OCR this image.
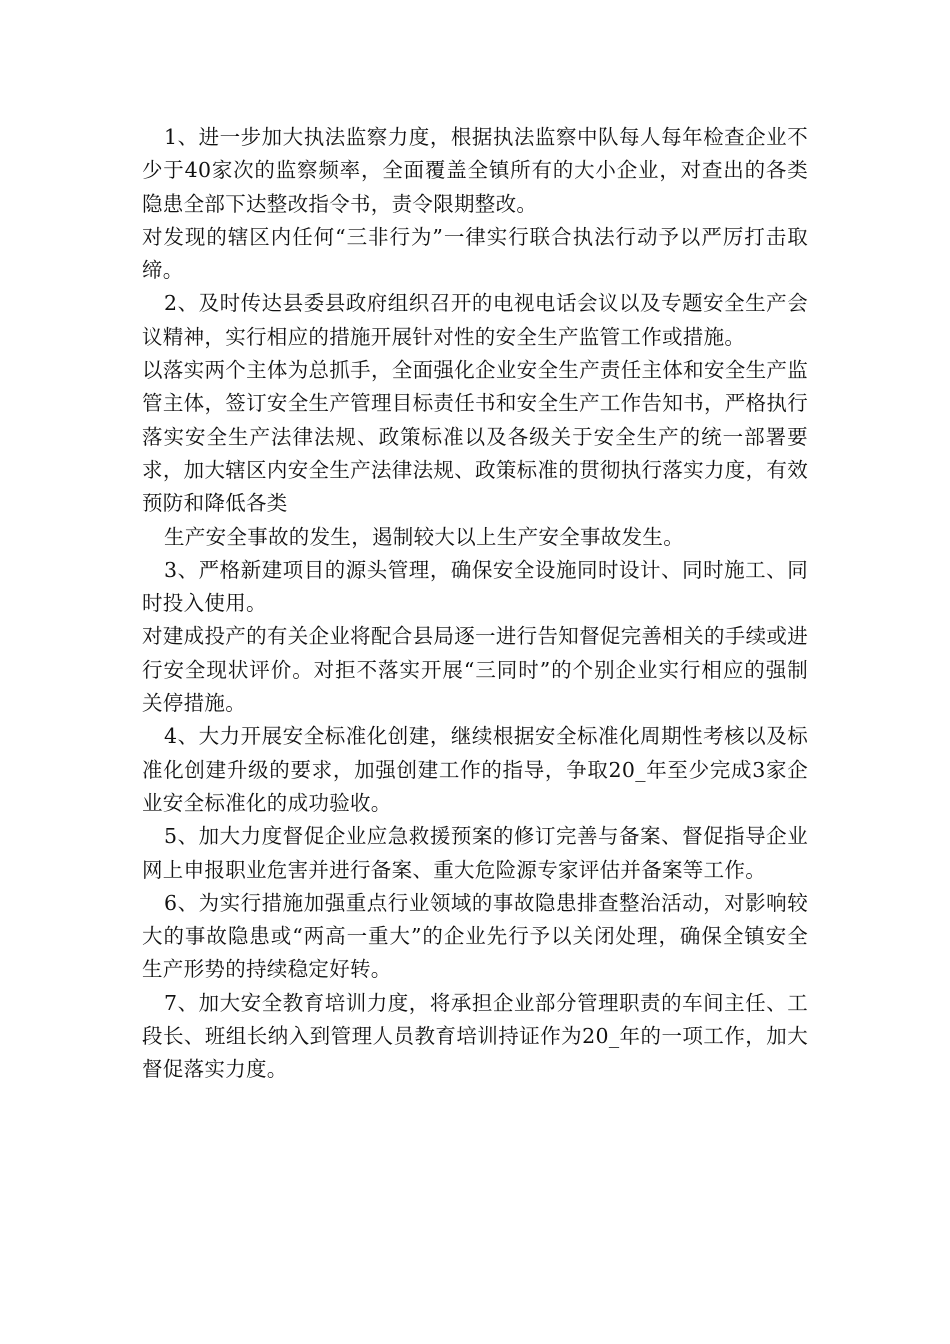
1、进一步加大执法监察力度，根据执法监察中队每人每年检查企业不少于40家次的监察频率，全面覆盖全镇所有的大小企业，对查出的各类隐患全部下达整改指令书，责令限期整改。

对发现的辖区内任何“三非行为”一律实行联合执法行动予以严厉打击取缔。

2、及时传达县委县政府组织召开的电视电话会议以及专题安全生产会议精神，实行相应的措施开展针对性的安全生产监管工作或措施。

以落实两个主体为总抓手，全面强化企业安全生产责任主体和安全生产监管主体，签订安全生产管理目标责任书和安全生产工作告知书，严格执行落实安全生产法律法规、政策标准以及各级关于安全生产的统一部署要求，加大辖区内安全生产法律法规、政策标准的贯彻执行落实力度，有效预防和降低各类

生产安全事故的发生，遏制较大以上生产安全事故发生。

3、严格新建项目的源头管理，确保安全设施同时设计、同时施工、同时投入使用。

对建成投产的有关企业将配合县局逐一进行告知督促完善相关的手续或进行安全现状评价。对拒不落实开展“三同时”的个别企业实行相应的强制关停措施。

4、大力开展安全标准化创建，继续根据安全标准化周期性考核以及标准化创建升级的要求，加强创建工作的指导，争取20_年至少完成3家企业安全标准化的成功验收。

5、加大力度督促企业应急救援预案的修订完善与备案、督促指导企业网上申报职业危害并进行备案、重大危险源专家评估并备案等工作。

6、为实行措施加强重点行业领域的事故隐患排查整治活动，对影响较大的事故隐患或“两高一重大”的企业先行予以关闭处理，确保全镇安全生产形势的持续稳定好转。

7、加大安全教育培训力度，将承担企业部分管理职责的车间主任、工段长、班组长纳入到管理人员教育培训持证作为20_年的一项工作，加大督促落实力度。
